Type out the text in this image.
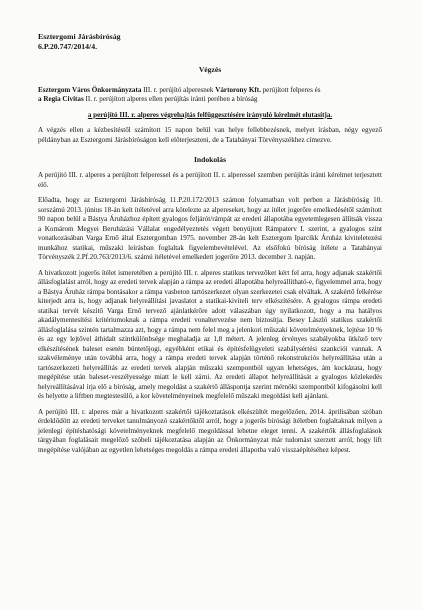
Esztergomi Járásbíróság

6.P.20.747/2014/4.

Végzés

Esztergom Város Önkormányzata III. r. perújító alperesnek Vártorony Kft. perújított felperes és
a Regia Civitas II. r. perújított alperes ellen perújítás iránti perében a bíróság

a perújító III. r. alperes végrehajtás felfüggesztésére irányuló kérelmét elutasítja.

A végzés ellen a kézbesítéstől számított 15 napon belül van helye fellebbezésnek, melyet írásban, négy egyező példányban az Esztergomi Járásbíróságon kell előterjeszteni, de a Tatabányai Törvényszékhez címezve.

Indokolás

A perújító III. r. alperes a perújított felperessel és a perújított II. r. alperessel szemben perújítás iránti kérelmet terjesztett elő.

Előadta, hogy az Esztergomi Járásbíróság 11.P.20.172/2013 számon folyamatban volt perben a Járásbíróság 10. sorszámú 2013. június 18-án kelt ítéletével arra kötelezte az alpereseket, hogy az ítélet jogerőre emelkedésétől számított 90 napon belül a Bástya Áruházhoz épített gyalogos feljárót/rámpát az eredeti állapotába egyetemlegesen állítsák vissza a Komárom Megyei Beruházási Vállalat engedélyeztetés végett benyújtott Rámpaterv I. szerint, a gyalogos szint vonatkozásában Varga Ernő által Esztergomban 1975. november 28-án kelt Esztergom Iparcikk Áruház kiviteletezési munkához statikai, műszaki leírásban foglaltak figyelembevételével. Az elsőfokú bíróság ítélete a Tatabányai Törvényszék 2.Pf.20.763/2013/6. számú ítéletével emelkedett jogerőre 2013. december 3. napján.

A hivatkozott jogerős ítélet ismeretében a perújító III. r. alperes statikus tervezőket kért fel arra, hogy adjanak szakértői állásfoglalást arról, hogy az eredeti tervek alapján a rámpa az eredeti állapotába helyreállítható-e, figyelemmel arra, hogy a Bástya Áruház rámpa bontásakor a rámpa vasbeton tartószerkezet olyan szerkezetei csak elváltak. A szakértő felkérése kiterjedt arra is, hogy adjanak helyreállítási javaslatot a statikai-kiviteli terv elkészítésére. A gyalogos rámpa eredeti statikai tervét készítő Varga Ernő tervező ajánlatkérőre adott válaszában úgy nyilatkozott, hogy a ma hatályos akadálymentesítési kritériumoknak a rámpa eredeti vonaltervezése nem biztosítja. Besey László statikus szakértői állásfoglalása szintén tartalmazza azt, hogy a rámpa nem felel meg a jelenkori műszaki követelményeknek, lejtése 10 % és az egy lejtővel áthidalt szintkülönbsége meghaladja az 1,8 métert. A jelenleg érvényes szabályokba ütköző terv elkészítésének baleset esetén büntetőjogi, egyébként etikai és építésfelügyeleti szabálysértési szankciói vannak. A szakvéleménye után továbbá arra, hogy a rámpa eredeti tervek alapján történő rekonstrukciós helyreállítása után a tartószerkezeti helyreállítás az eredeti tervek alapján műszaki szempontból ugyan lehetséges, ám kockázata, hogy megépítése után baleset-veszélyessége miatt le kell zárni. Az eredeti állapot helyreállítását a gyalogos közlekedés helyreállításával írja elő a bíróság, amely megoldást a szakértő álláspontja szerint mérnöki szempontból kifogásolni kell és helyette a liftben megtestesülő, a kor követelményeinek megfelelő műszaki megoldást kell ajánlani.

A perújító III. r. alperes már a hivatkozott szakértői tájékoztatások elkészültét megelőzően, 2014. áprilisában szóban érdeklődött az eredeti terveket tanulmányozó szakértőktől arról, hogy a jogerős bírósági ítéletben foglaltaknak milyen a jelenlegi építéshatósági követelményeknek megfelelő megoldással lehetne eleget tenni. A szakértők állásfoglalások tárgyában foglalásait megelőző szóbeli tájékoztatása alapján az Önkormányzat már tudomást szerzett arról, hogy lift megépítése valójában az egyetlen lehetséges megoldás a rámpa eredeti állapotba való visszaépítéséhez képest.
